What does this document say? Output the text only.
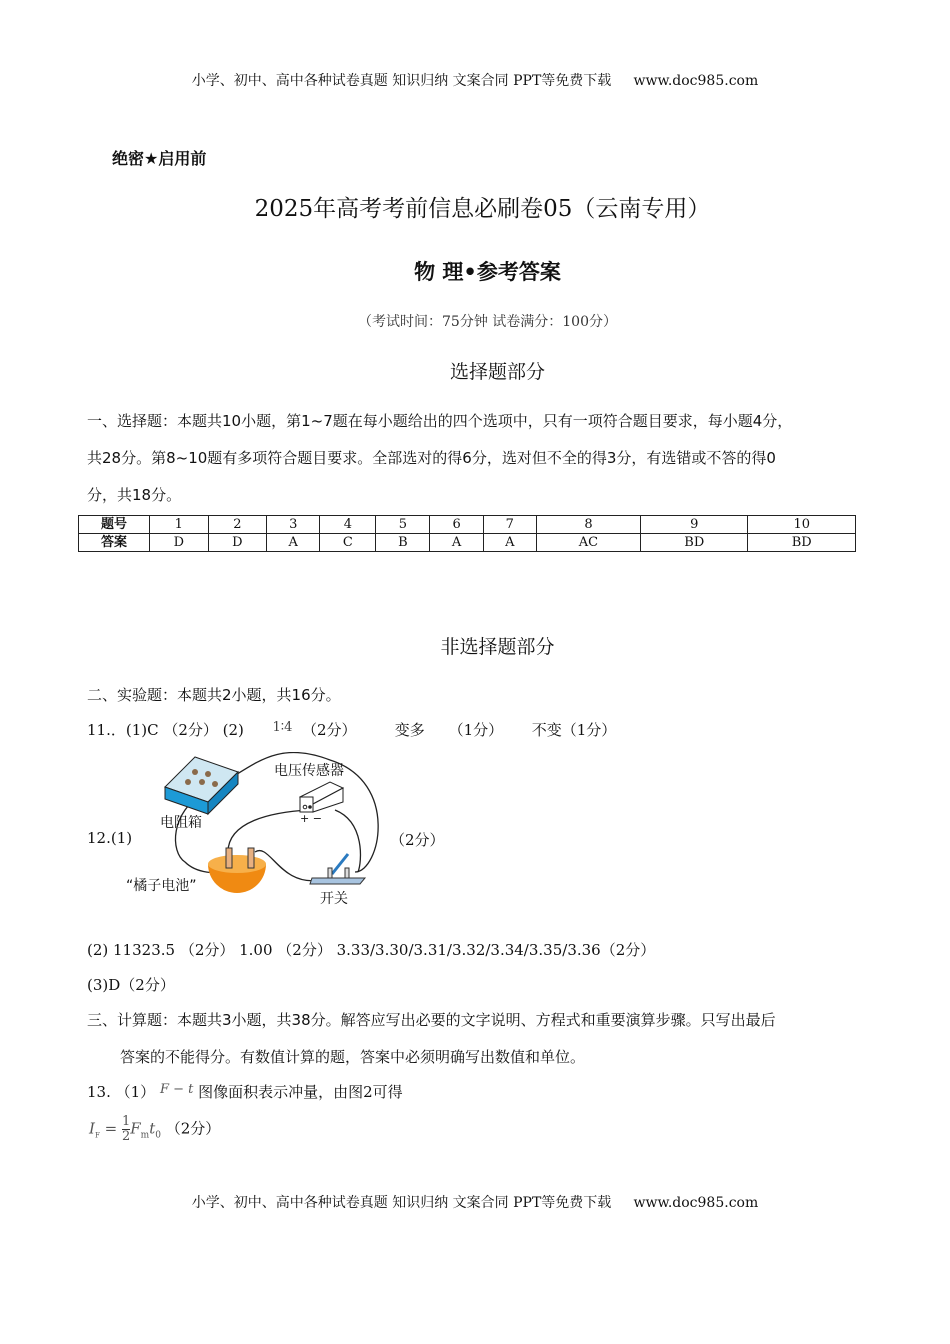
小学、初中、高中各种试卷真题 知识归纳 文案合同 PPT等免费下载 www.doc985.com
绝密★启用前
2025年高考考前信息必刷卷05（云南专用）
物 理•参考答案
（考试时间：75分钟 试卷满分：100分）
选择题部分
一、选择题：本题共10小题，第1~7题在每小题给出的四个选项中，只有一项符合题目要求，每小题4分，
共28分。第8~10题有多项符合题目要求。全部选对的得6分，选对但不全的得3分，有选错或不答的得0
分，共18分。
题号	1	2	3	4	5	6	7	8	9	10
答案	D	D	A	C	B	A	A	AC	BD	BD
非选择题部分
二、实验题：本题共2小题，共16分。
11.．(1)C （2分） (2) 1∶4 （2分）	变多 （1分） 不变（1分）
12.(1)	（2分）
电压传感器
+ −
电阻箱
“橘子电池”
开关
(2) 11323.5 （2分） 1.00 （2分） 3.33/3.30/3.31/3.32/3.34/3.35/3.36（2分）
(3)D（2分）
三、计算题：本题共3小题，共38分。解答应写出必要的文字说明、方程式和重要演算步骤。只写出最后
答案的不能得分。有数值计算的题，答案中必须明确写出数值和单位。
13. （1） F − t 图像面积表示冲量，由图2可得
$I_F = \frac{1}{2} F_mt_0$ （2分）
小学、初中、高中各种试卷真题 知识归纳 文案合同 PPT等免费下载 www.doc985.com
